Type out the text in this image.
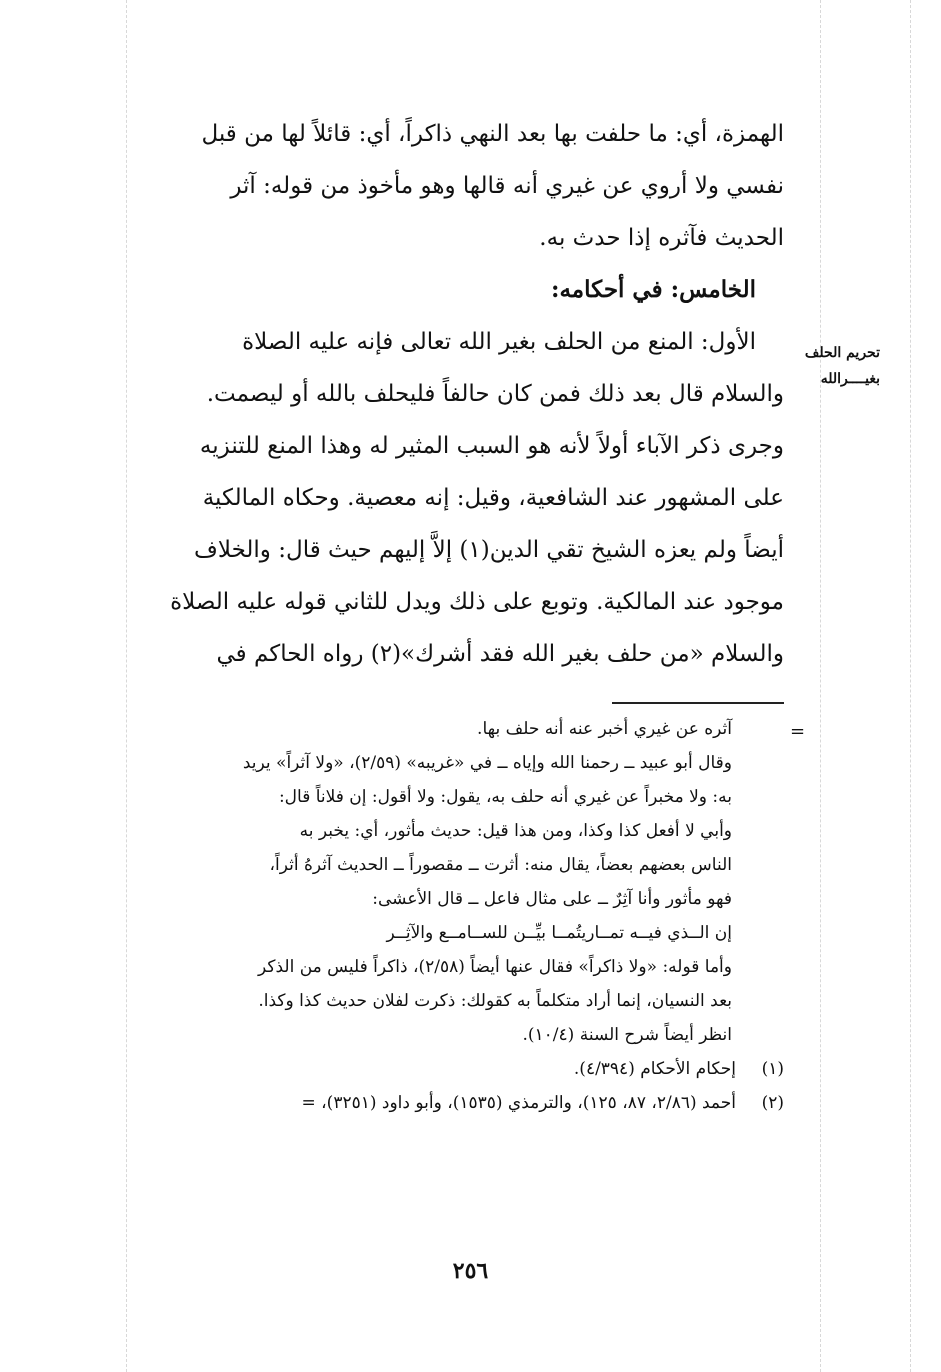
الهمزة، أي: ما حلفت بها بعد النهي ذاكراً، أي: قائلاً لها من قبل
نفسي ولا أروي عن غيري أنه قالها وهو مأخوذ من قوله: آثر
الحديث فآثره إذا حدث به.
الخامس: في أحكامه:
الأول: المنع من الحلف بغير الله تعالى فإنه عليه الصلاة
والسلام قال بعد ذلك فمن كان حالفاً فليحلف بالله أو ليصمت.
وجرى ذكر الآباء أولاً لأنه هو السبب المثير له وهذا المنع للتنزيه
على المشهور عند الشافعية، وقيل: إنه معصية. وحكاه المالكية
أيضاً ولم يعزه الشيخ تقي الدين(١) إلاَّ إليهم حيث قال: والخلاف
موجود عند المالكية. وتوبع على ذلك ويدل للثاني قوله عليه الصلاة
والسلام «من حلف بغير الله فقد أشرك»(٢) رواه الحاكم في
تحريم الحلف
بغيــــرالله
=
آثره عن غيري أخبر عنه أنه حلف بها.
وقال أبو عبيد ــ رحمنا الله وإياه ــ في «غريبه» (٢/٥٩)، «ولا آثراً» يريد
به: ولا مخبراً عن غيري أنه حلف به، يقول: ولا أقول: إن فلاناً قال:
وأبي لا أفعل كذا وكذا، ومن هذا قيل: حديث مأثور، أي: يخبر به
الناس بعضهم بعضاً، يقال منه: أثرت ــ مقصوراً ــ الحديث آثرهُ أثراً،
فهو مأثور وأنا آثِرٌ ــ على مثال فاعل ــ قال الأعشى:
إن الــذي فيــه تمــاريتُمــا بيِّــن للســامــع والآثِــر
وأما قوله: «ولا ذاكراً» فقال عنها أيضاً (٢/٥٨)، ذاكراً فليس من الذكر
بعد النسيان، إنما أراد متكلماً به كقولك: ذكرت لفلان حديث كذا وكذا.
انظر أيضاً شرح السنة (١٠/٤).
(١)إحكام الأحكام (٤/٣٩٤).
(٢)أحمد (٢/٨٦، ٨٧، ١٢٥)، والترمذي (١٥٣٥)، وأبو داود (٣٢٥١)، =
٢٥٦
